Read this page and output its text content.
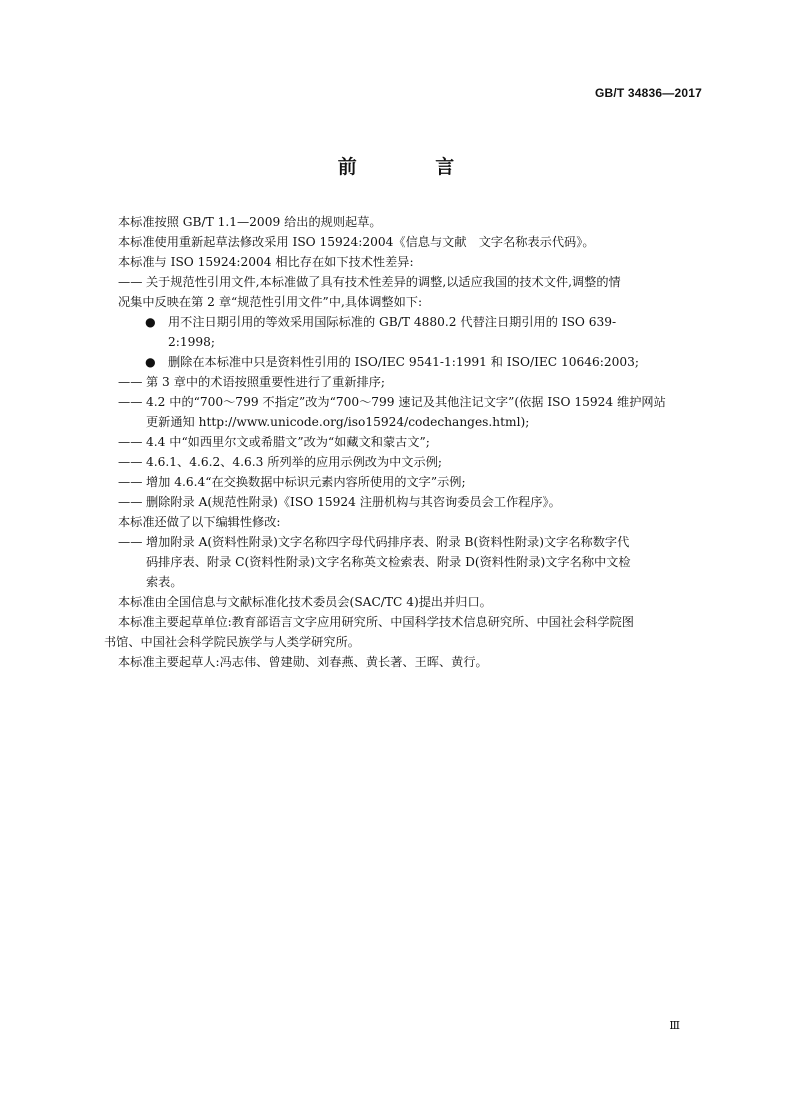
GB/T 34836—2017
前 言
本标准按照 GB/T 1.1—2009 给出的规则起草。
本标准使用重新起草法修改采用 ISO 15924:2004《信息与文献　文字名称表示代码》。
本标准与 ISO 15924:2004 相比存在如下技术性差异:
—— 关于规范性引用文件,本标准做了具有技术性差异的调整,以适应我国的技术文件,调整的情
况集中反映在第 2 章“规范性引用文件”中,具体调整如下:
● 用不注日期引用的等效采用国际标准的 GB/T 4880.2 代替注日期引用的 ISO 639-
2:1998;
● 删除在本标准中只是资料性引用的 ISO/IEC 9541-1:1991 和 ISO/IEC 10646:2003;
—— 第 3 章中的术语按照重要性进行了重新排序;
—— 4.2 中的“700～799 不指定”改为“700～799 速记及其他注记文字”(依据 ISO 15924 维护网站
更新通知 http://www.unicode.org/iso15924/codechanges.html);
—— 4.4 中“如西里尔文或希腊文”改为“如藏文和蒙古文”;
—— 4.6.1、4.6.2、4.6.3 所列举的应用示例改为中文示例;
—— 增加 4.6.4“在交换数据中标识元素内容所使用的文字”示例;
—— 删除附录 A(规范性附录)《ISO 15924 注册机构与其咨询委员会工作程序》。
本标准还做了以下编辑性修改:
—— 增加附录 A(资料性附录)文字名称四字母代码排序表、附录 B(资料性附录)文字名称数字代
码排序表、附录 C(资料性附录)文字名称英文检索表、附录 D(资料性附录)文字名称中文检
索表。
本标准由全国信息与文献标准化技术委员会(SAC/TC 4)提出并归口。
本标准主要起草单位:教育部语言文字应用研究所、中国科学技术信息研究所、中国社会科学院图
书馆、中国社会科学院民族学与人类学研究所。
本标准主要起草人:冯志伟、曾建勋、刘春燕、黄长著、王晖、黄行。
Ⅲ
